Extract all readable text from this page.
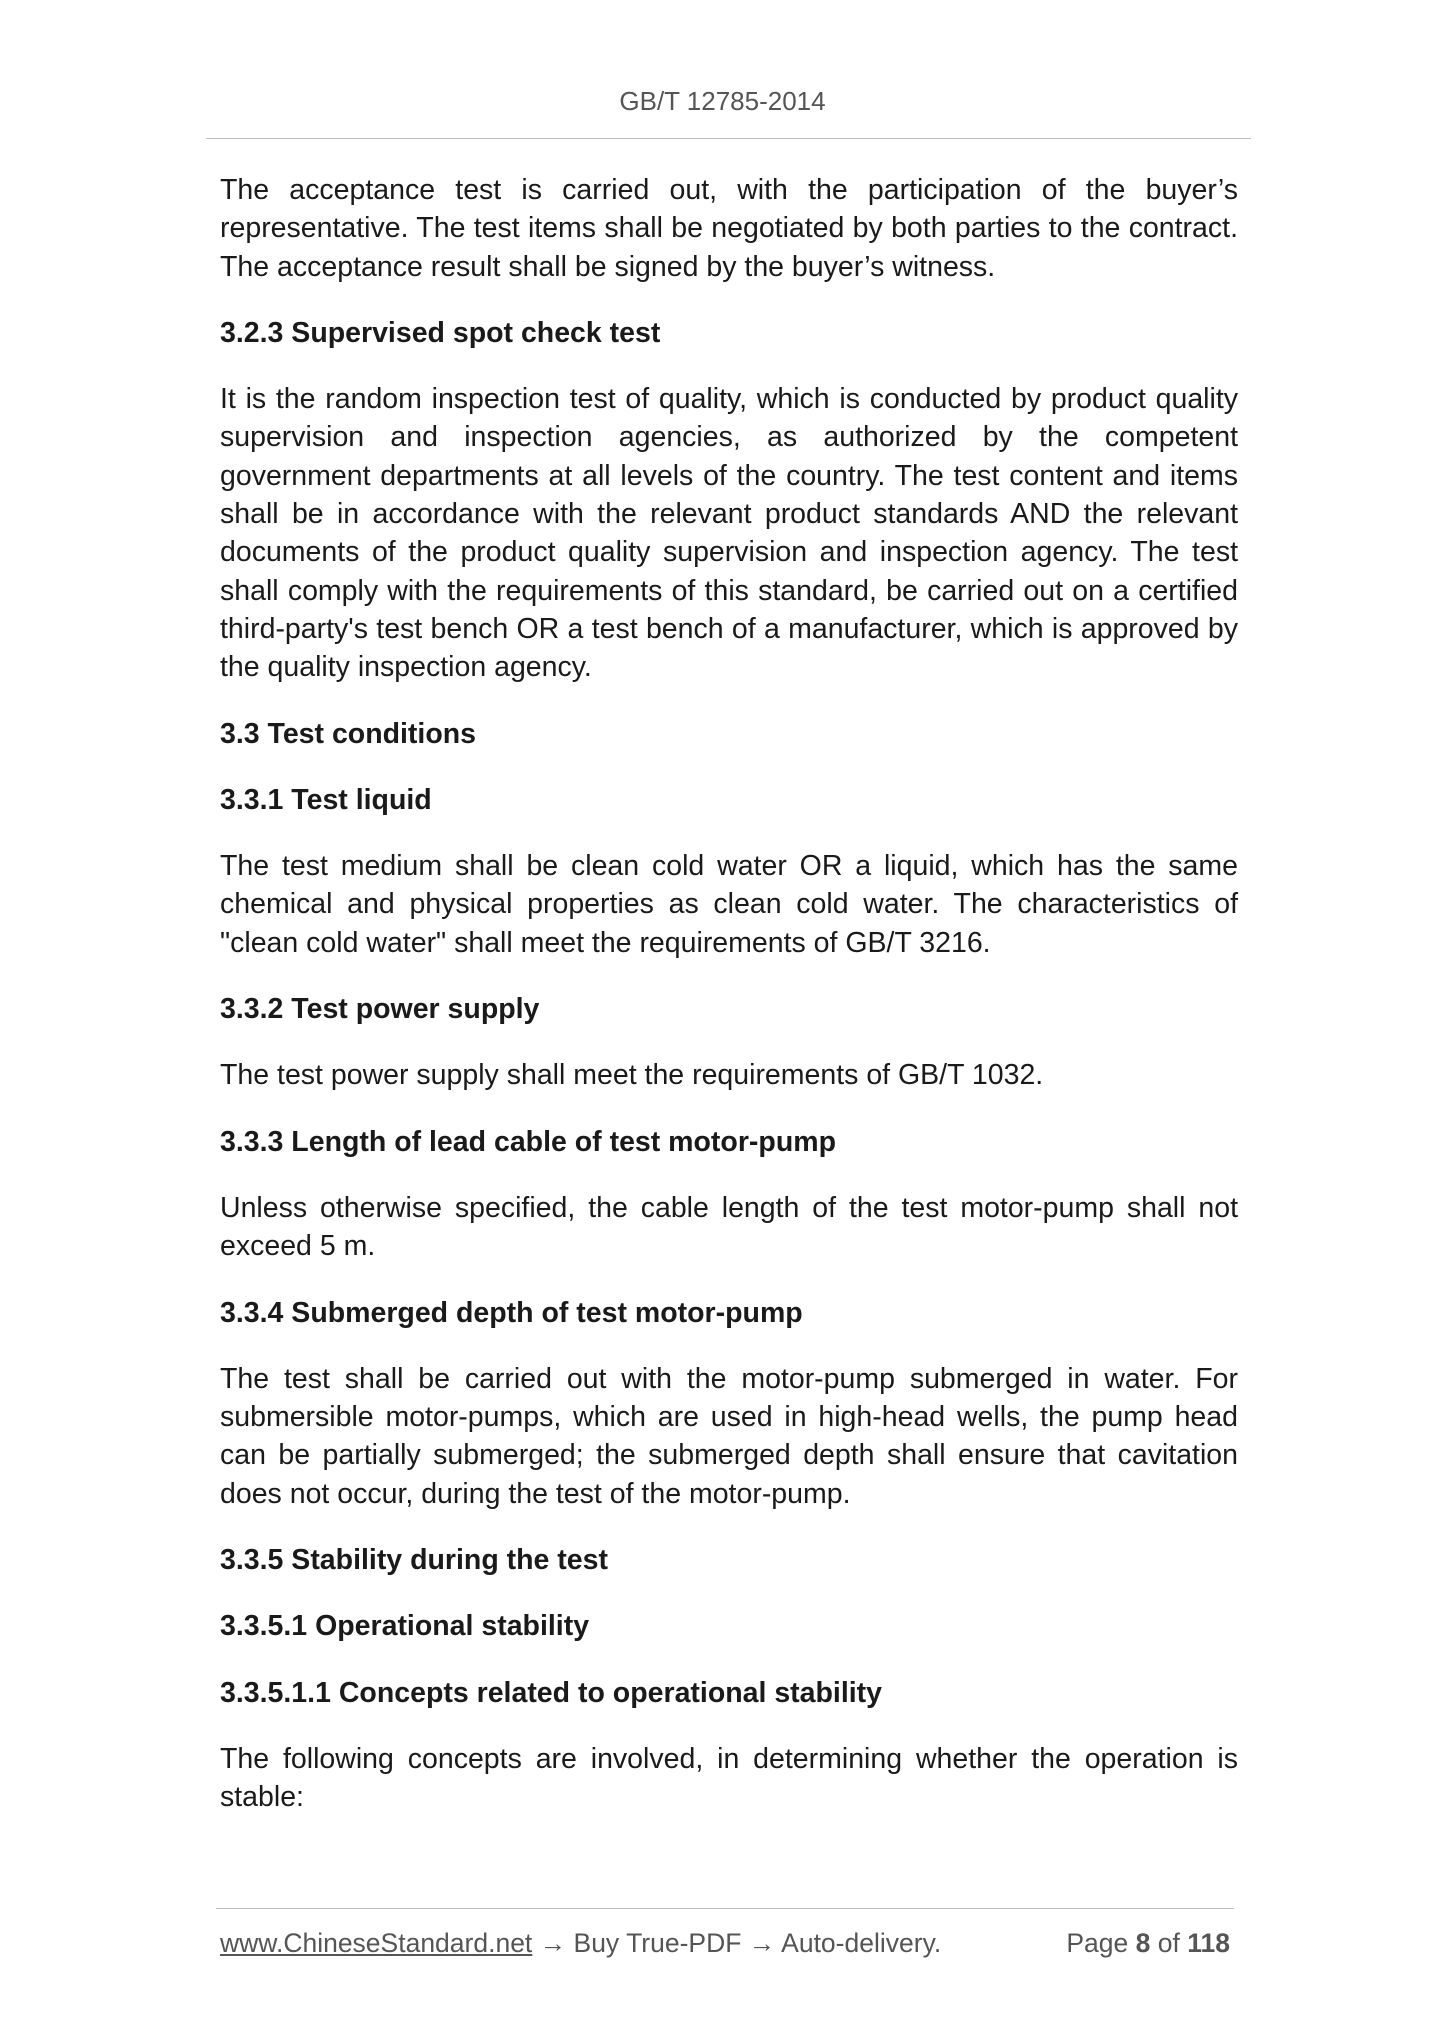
GB/T 12785-2014

The acceptance test is carried out, with the participation of the buyer’s representative. The test items shall be negotiated by both parties to the contract. The acceptance result shall be signed by the buyer’s witness.

3.2.3 Supervised spot check test

It is the random inspection test of quality, which is conducted by product quality supervision and inspection agencies, as authorized by the competent government departments at all levels of the country. The test content and items shall be in accordance with the relevant product standards AND the relevant documents of the product quality supervision and inspection agency. The test shall comply with the requirements of this standard, be carried out on a certified third-party's test bench OR a test bench of a manufacturer, which is approved by the quality inspection agency.

3.3 Test conditions

3.3.1 Test liquid

The test medium shall be clean cold water OR a liquid, which has the same chemical and physical properties as clean cold water. The characteristics of "clean cold water" shall meet the requirements of GB/T 3216.

3.3.2 Test power supply

The test power supply shall meet the requirements of GB/T 1032.

3.3.3 Length of lead cable of test motor-pump

Unless otherwise specified, the cable length of the test motor-pump shall not exceed 5 m.

3.3.4 Submerged depth of test motor-pump

The test shall be carried out with the motor-pump submerged in water. For submersible motor-pumps, which are used in high-head wells, the pump head can be partially submerged; the submerged depth shall ensure that cavitation does not occur, during the test of the motor-pump.

3.3.5 Stability during the test

3.3.5.1 Operational stability

3.3.5.1.1 Concepts related to operational stability

The following concepts are involved, in determining whether the operation is stable:

www.ChineseStandard.net → Buy True-PDF → Auto-delivery.	Page 8 of 118
